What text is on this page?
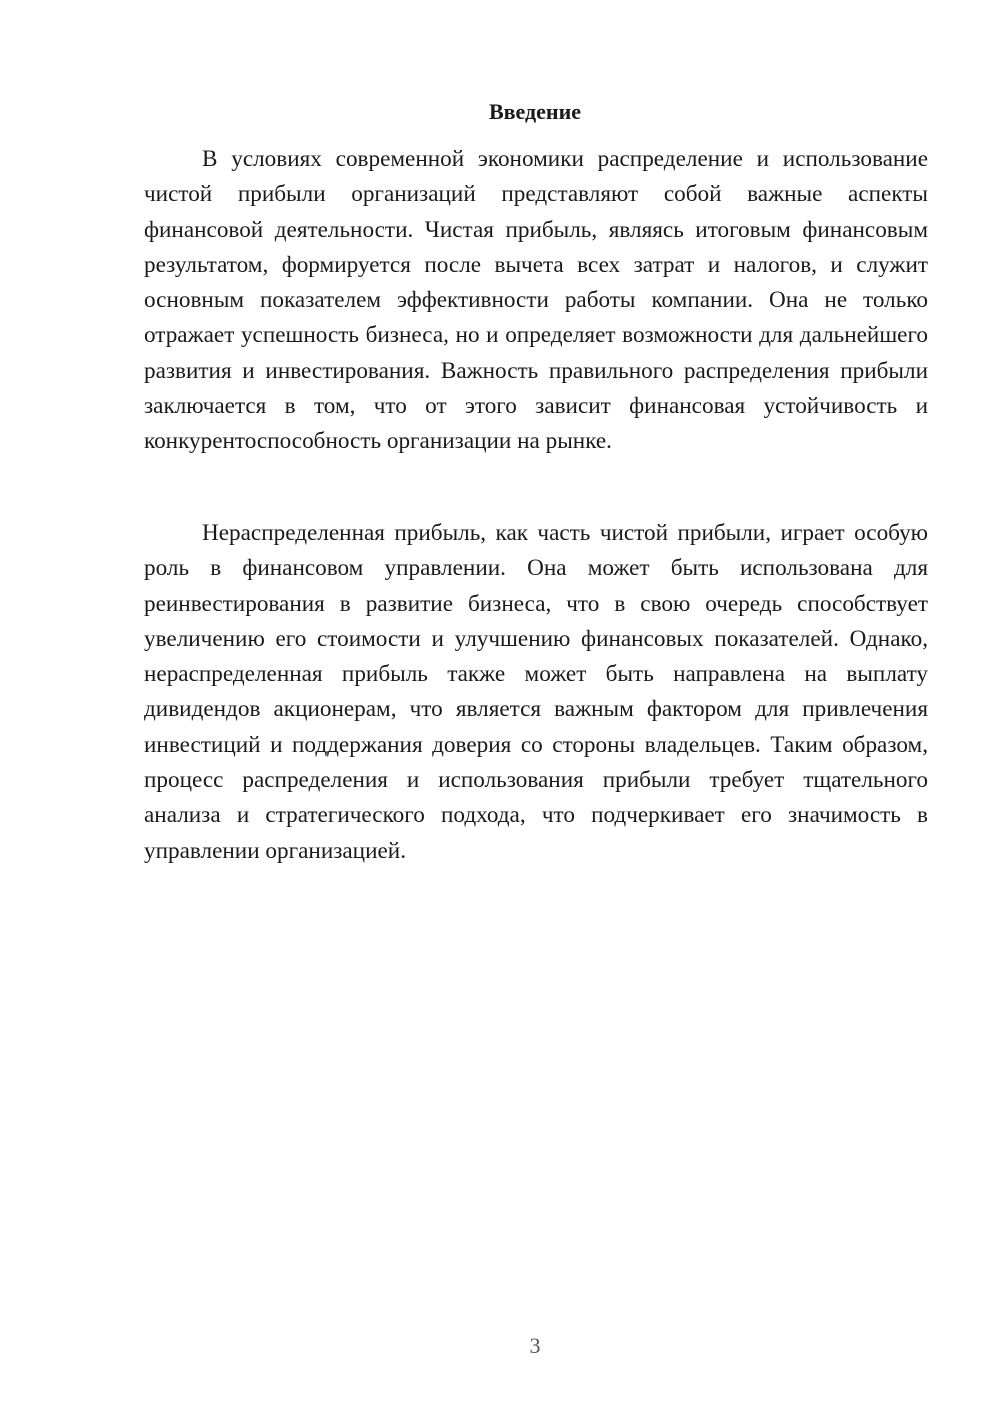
Введение

В условиях современной экономики распределение и использование чистой прибыли организаций представляют собой важные аспекты финансовой деятельности. Чистая прибыль, являясь итоговым финансовым результатом, формируется после вычета всех затрат и налогов, и служит основным показателем эффективности работы компании. Она не только отражает успешность бизнеса, но и определяет возможности для дальнейшего развития и инвестирования. Важность правильного распределения прибыли заключается в том, что от этого зависит финансовая устойчивость и конкурентоспособность организации на рынке.

Нераспределенная прибыль, как часть чистой прибыли, играет особую роль в финансовом управлении. Она может быть использована для реинвестирования в развитие бизнеса, что в свою очередь способствует увеличению его стоимости и улучшению финансовых показателей. Однако, нераспределенная прибыль также может быть направлена на выплату дивидендов акционерам, что является важным фактором для привлечения инвестиций и поддержания доверия со стороны владельцев. Таким образом, процесс распределения и использования прибыли требует тщательного анализа и стратегического подхода, что подчеркивает его значимость в управлении организацией.

3
